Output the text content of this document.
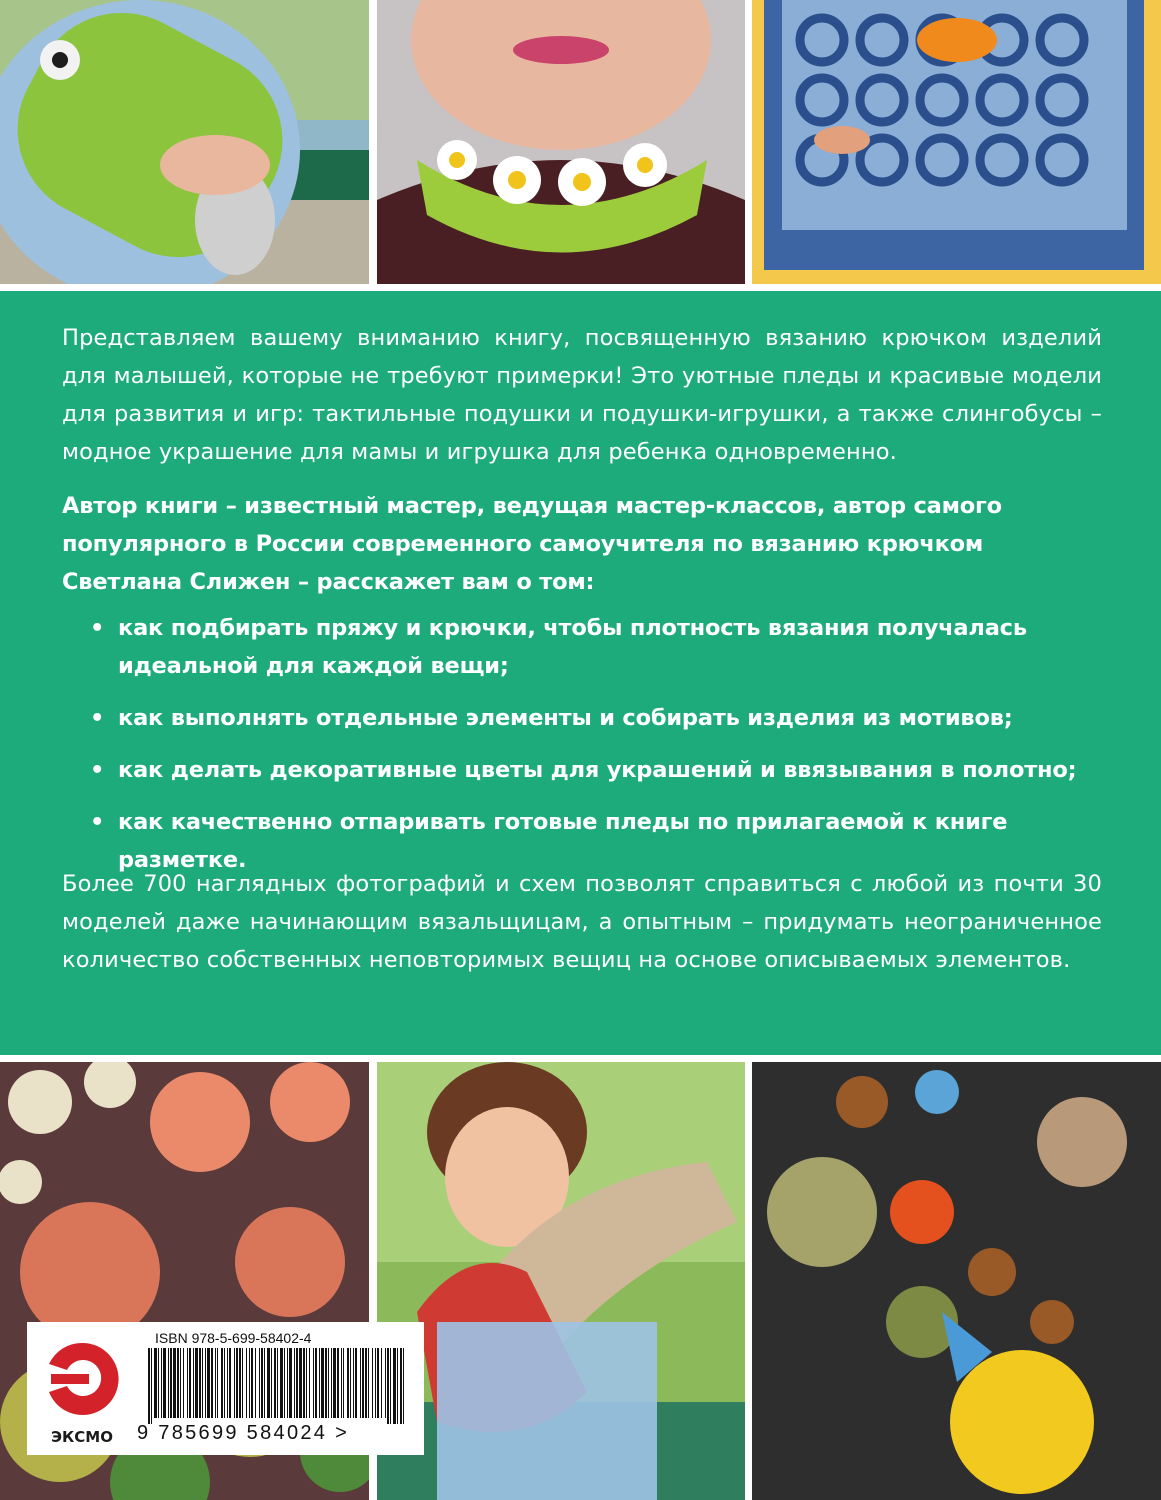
Представляем вашему вниманию книгу, посвященную вязанию крючком изделий для малышей, которые не требуют примерки! Это уютные пледы и красивые модели для развития и игр: тактильные подушки и подушки-игрушки, а также слингобусы – модное украшение для мамы и игрушка для ребенка одновременно.
Автор книги – известный мастер, ведущая мастер-классов, автор самого популярного в России современного самоучителя по вязанию крючком Светлана Слижен – расскажет вам о том:
• как подбирать пряжу и крючки, чтобы плотность вязания получалась идеальной для каждой вещи;
• как выполнять отдельные элементы и собирать изделия из мотивов;
• как делать декоративные цветы для украшений и ввязывания в полотно;
• как качественно отпаривать готовые пледы по прилагаемой к книге разметке.
Более 700 наглядных фотографий и схем позволят справиться с любой из почти 30 моделей даже начинающим вязальщицам, а опытным – придумать неограниченное количество собственных неповторимых вещиц на основе описываемых элементов.
ЭКСМО
ISBN 978-5-699-58402-4
9 785699 584024 >
